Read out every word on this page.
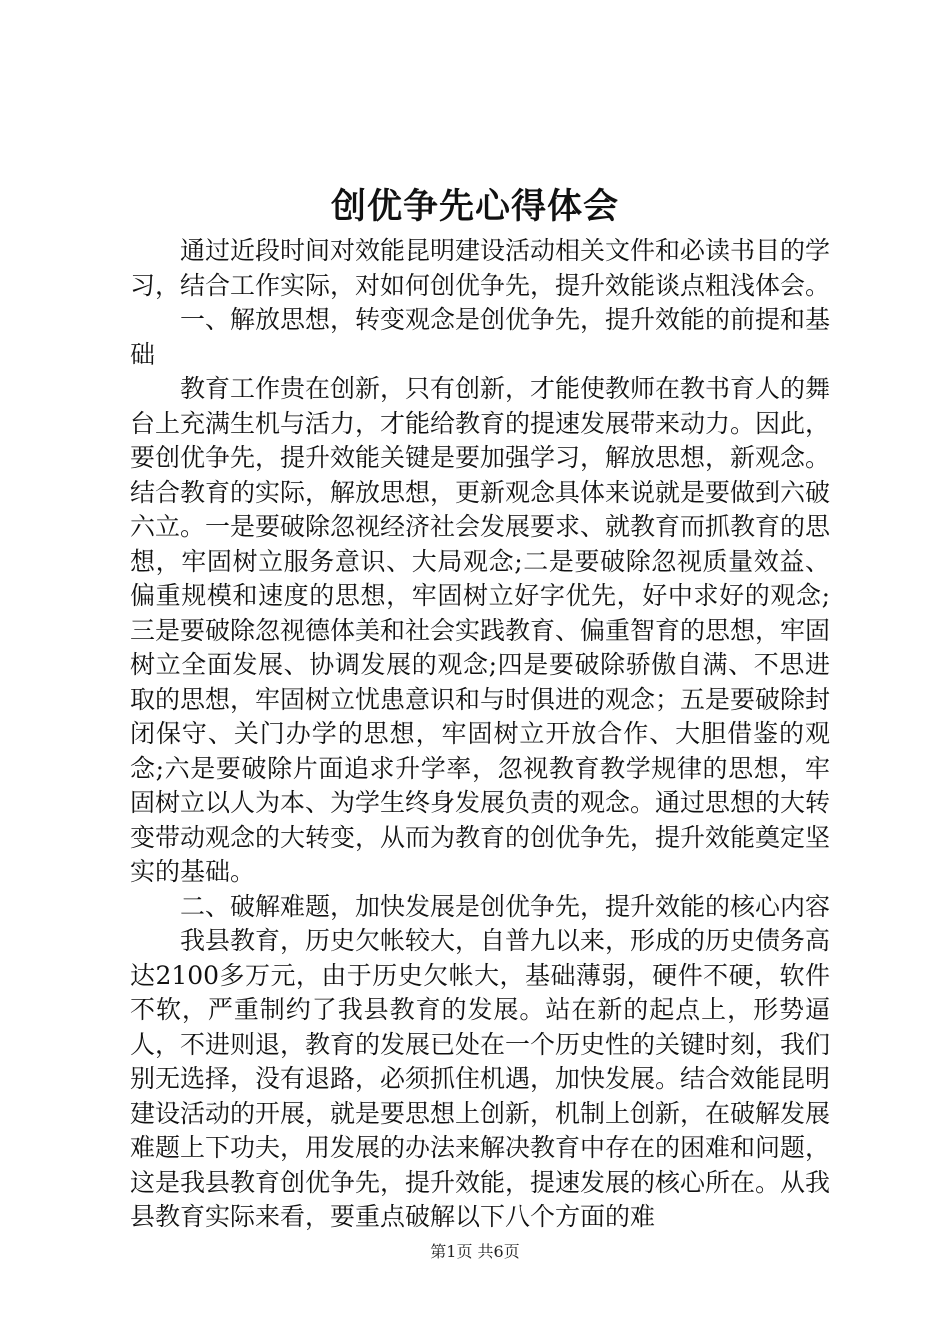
创优争先心得体会

通过近段时间对效能昆明建设活动相关文件和必读书目的学习，结合工作实际，对如何创优争先，提升效能谈点粗浅体会。

一、解放思想，转变观念是创优争先，提升效能的前提和基础

教育工作贵在创新，只有创新，才能使教师在教书育人的舞台上充满生机与活力，才能给教育的提速发展带来动力。因此，要创优争先，提升效能关键是要加强学习，解放思想，新观念。结合教育的实际，解放思想，更新观念具体来说就是要做到六破六立。一是要破除忽视经济社会发展要求、就教育而抓教育的思想，牢固树立服务意识、大局观念;二是要破除忽视质量效益、偏重规模和速度的思想，牢固树立好字优先，好中求好的观念;三是要破除忽视德体美和社会实践教育、偏重智育的思想，牢固树立全面发展、协调发展的观念;四是要破除骄傲自满、不思进取的思想，牢固树立忧患意识和与时俱进的观念；五是要破除封闭保守、关门办学的思想，牢固树立开放合作、大胆借鉴的观念;六是要破除片面追求升学率，忽视教育教学规律的思想，牢固树立以人为本、为学生终身发展负责的观念。通过思想的大转变带动观念的大转变，从而为教育的创优争先，提升效能奠定坚实的基础。

二、破解难题，加快发展是创优争先，提升效能的核心内容

我县教育，历史欠帐较大，自普九以来，形成的历史债务高达2100多万元，由于历史欠帐大，基础薄弱，硬件不硬，软件不软，严重制约了我县教育的发展。站在新的起点上，形势逼人，不进则退，教育的发展已处在一个历史性的关键时刻，我们别无选择，没有退路，必须抓住机遇，加快发展。结合效能昆明建设活动的开展，就是要思想上创新，机制上创新，在破解发展难题上下功夫，用发展的办法来解决教育中存在的困难和问题，这是我县教育创优争先，提升效能，提速发展的核心所在。从我县教育实际来看，要重点破解以下八个方面的难

第1页 共6页
